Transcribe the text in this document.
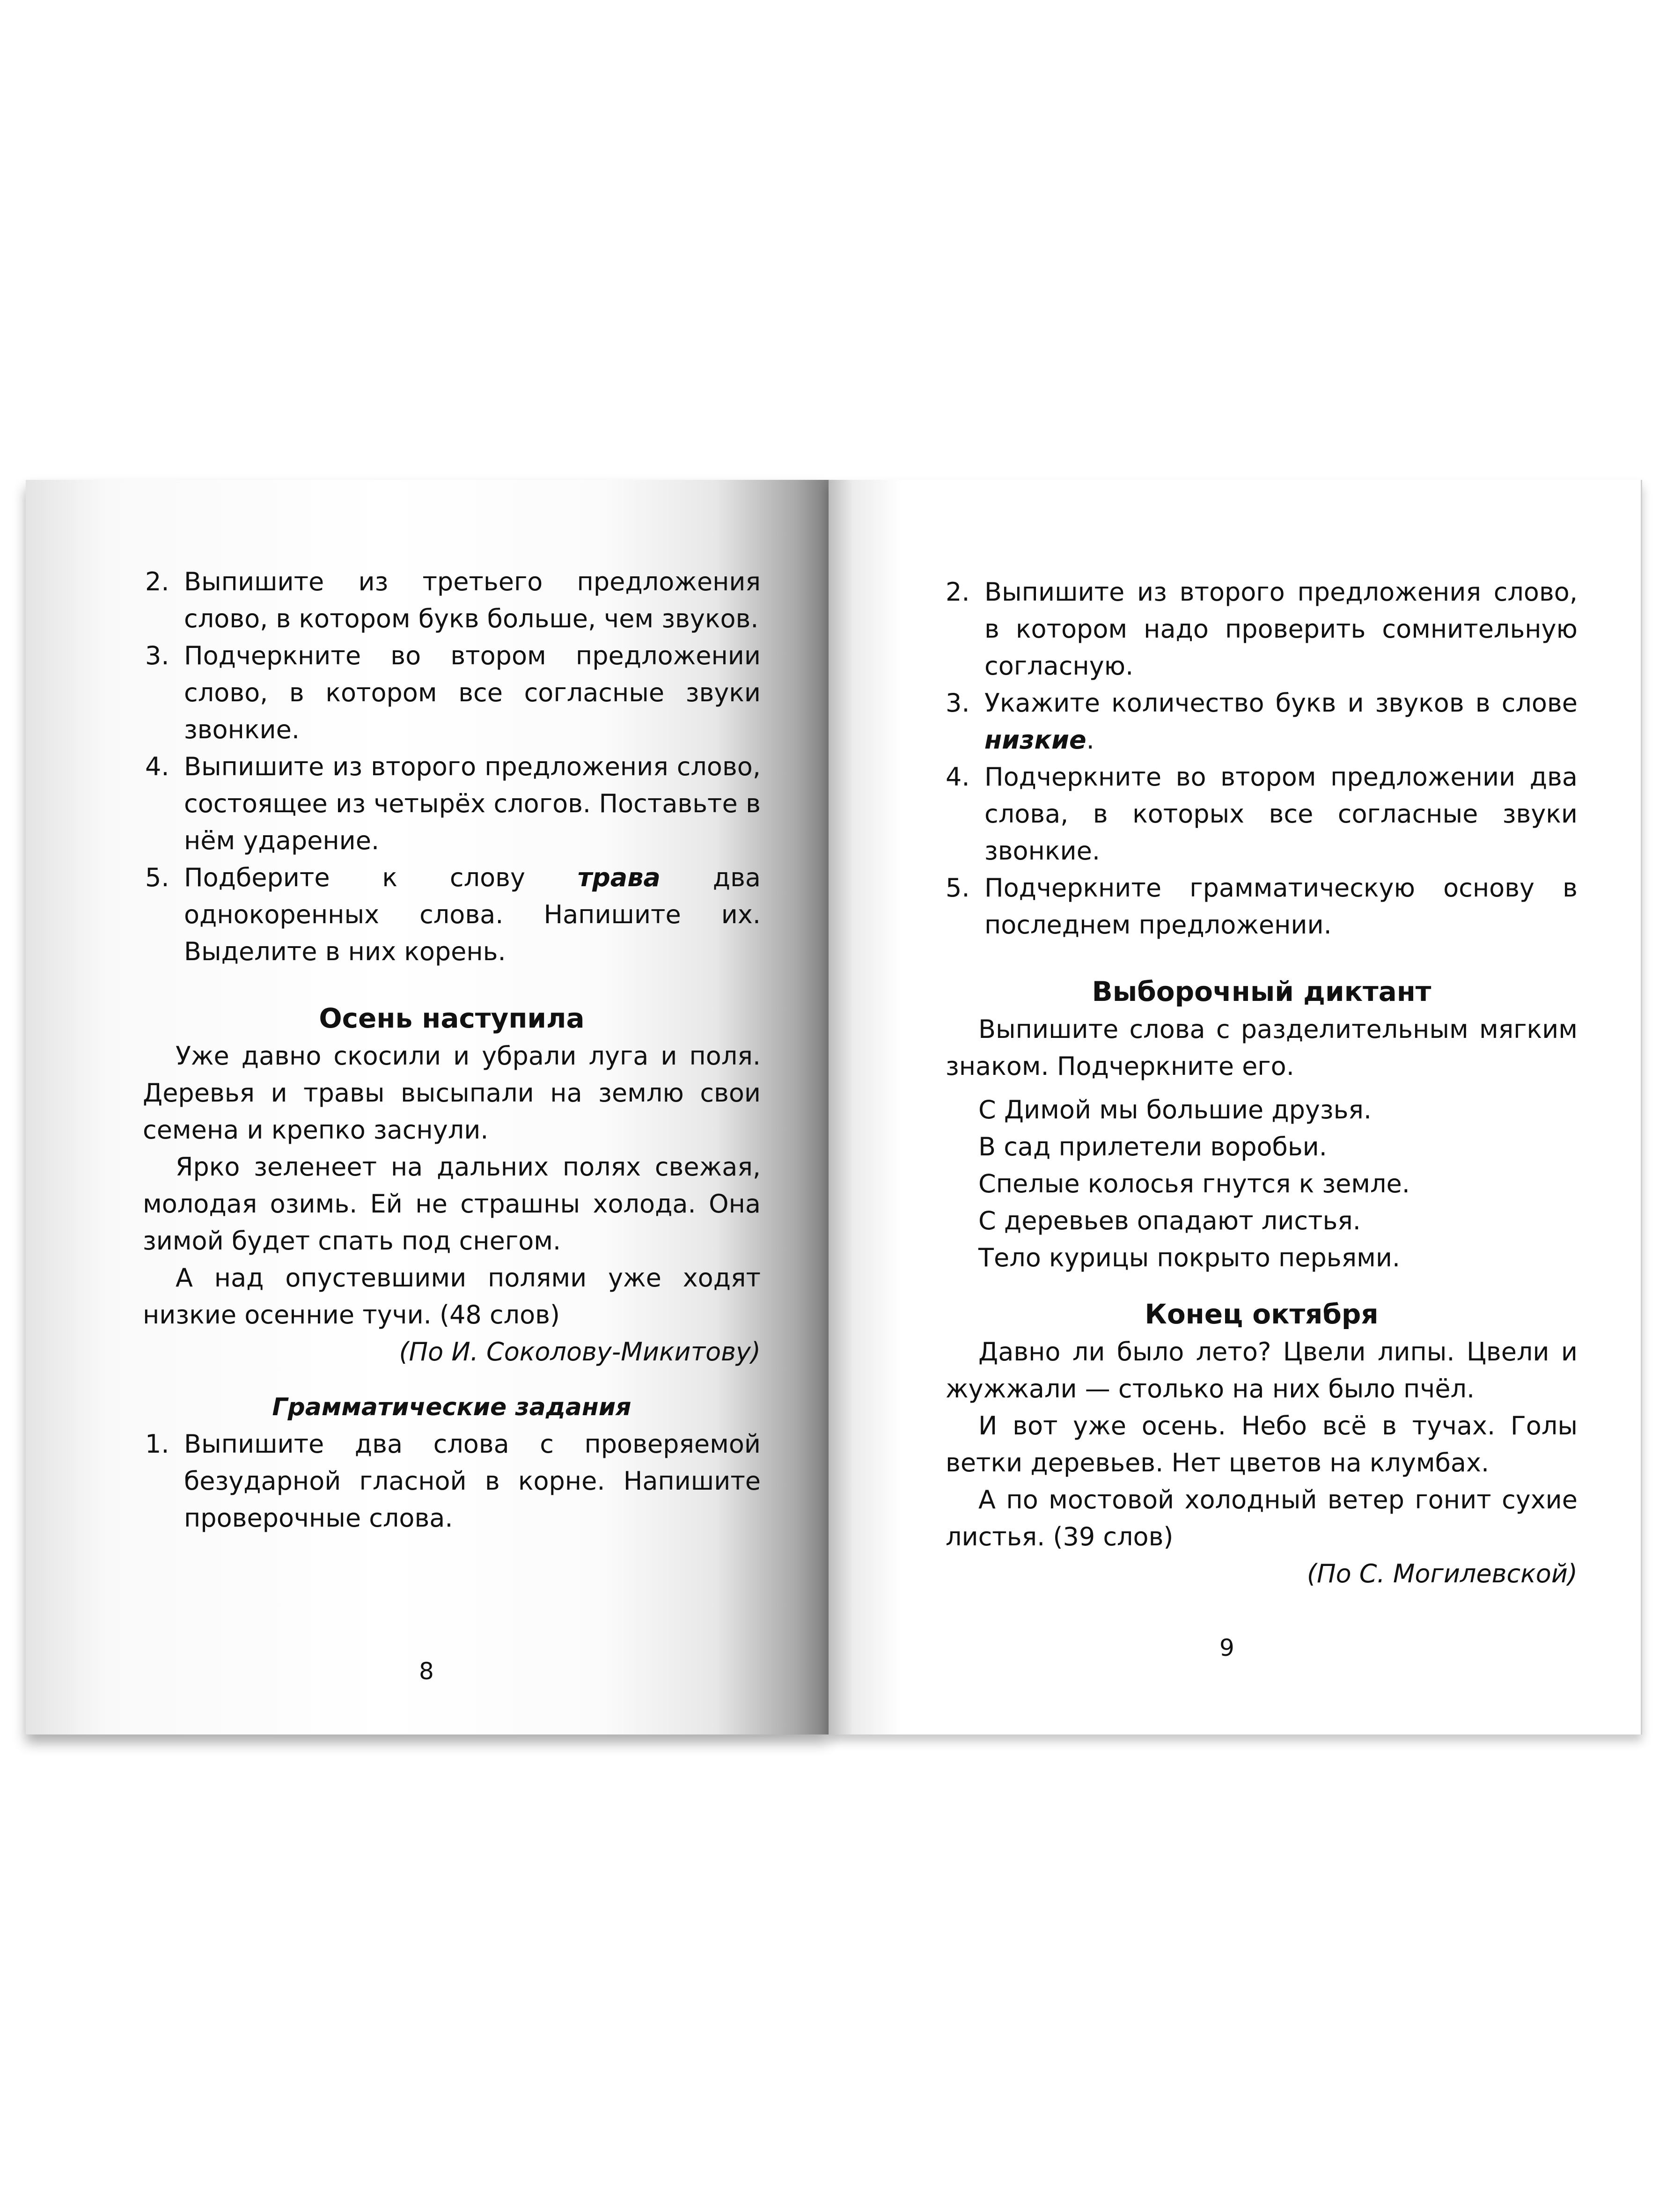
2. Выпишите из третьего предложения слово, в котором букв больше, чем звуков.

3. Подчеркните во втором предложении слово, в котором все согласные звуки звонкие.

4. Выпишите из второго предложения слово, состоящее из четырёх слогов. Поставьте в нём ударение.

5. Подберите к слову трава два однокоренных слова. Напишите их. Выделите в них корень.

Осень наступила

Уже давно скосили и убрали луга и поля. Деревья и травы высыпали на землю свои семена и крепко заснули.

Ярко зеленеет на дальних полях свежая, молодая озимь. Ей не страшны холода. Она зимой будет спать под снегом.

А над опустевшими полями уже ходят низкие осенние тучи. (48 слов)

(По И. Соколову-Микитову)

Грамматические задания
1. Выпишите два слова с проверяемой безударной гласной в корне. Напишите проверочные слова.

8
2. Выпишите из второго предложения слово, в котором надо проверить сомнительную согласную.

3. Укажите количество букв и звуков в слове низкие.

4. Подчеркните во втором предложении два слова, в которых все согласные звуки звонкие.

5. Подчеркните грамматическую основу в последнем предложении.

Выборочный диктант

Выпишите слова с разделительным мягким знаком. Подчеркните его.

С Димой мы большие друзья.

В сад прилетели воробьи.

Спелые колосья гнутся к земле.

С деревьев опадают листья.

Тело курицы покрыто перьями.

Конец октября

Давно ли было лето? Цвели липы. Цвели и жужжали — столько на них было пчёл.

И вот уже осень. Небо всё в тучах. Голы ветки деревьев. Нет цветов на клумбах.

А по мостовой холодный ветер гонит сухие листья. (39 слов)

(По С. Могилевской)

9
